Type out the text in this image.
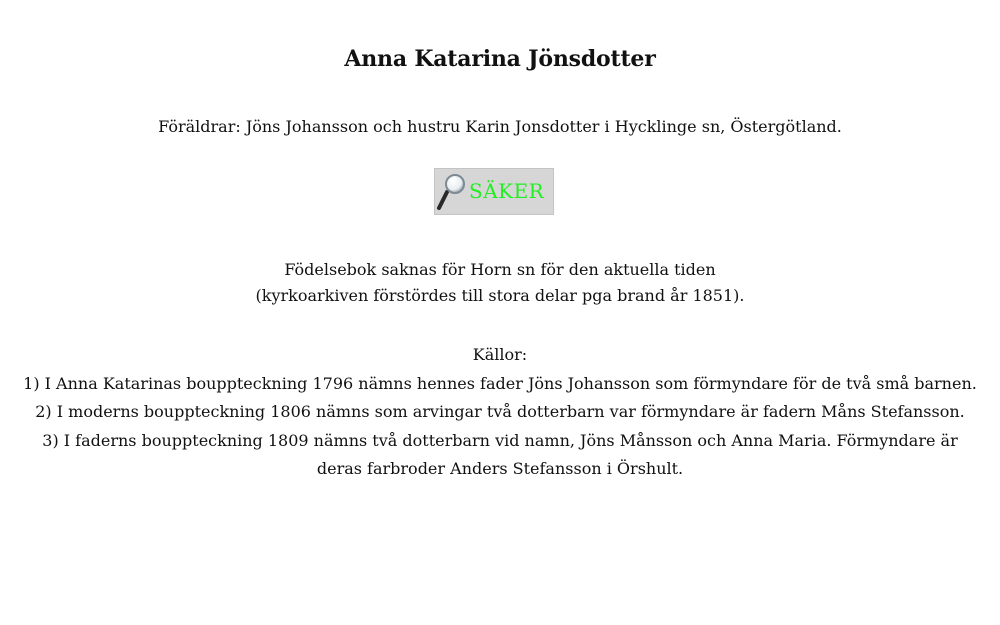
Anna Katarina Jönsdotter
Föräldrar: Jöns Johansson och hustru Karin Jonsdotter i Hycklinge sn, Östergötland.
SÄKER
Födelsebok saknas för Horn sn för den aktuella tiden
(kyrkoarkiven förstördes till stora delar pga brand år 1851).
Källor:
1) I Anna Katarinas bouppteckning 1796 nämns hennes fader Jöns Johansson som förmyndare för de två små barnen.
2) I moderns bouppteckning 1806 nämns som arvingar två dotterbarn var förmyndare är fadern Måns Stefansson.
3) I faderns bouppteckning 1809 nämns två dotterbarn vid namn, Jöns Månsson och Anna Maria. Förmyndare är
deras farbroder Anders Stefansson i Örshult.
